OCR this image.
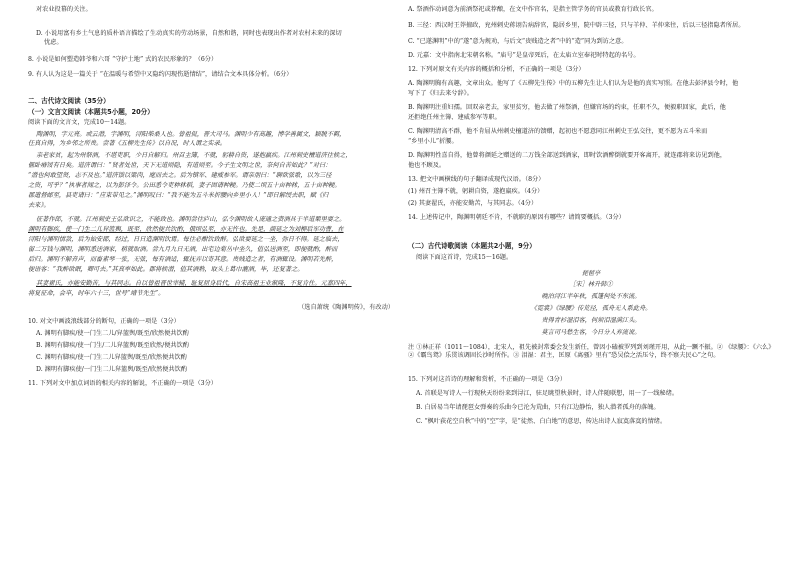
对农业投幕的关注。
D. 小说用富有乡土气息的质朴语言描绘了生动真实的劳动场景，自然和谐，同时也表现出作者对农村未来的深切
忧虑。
8. 小说是如何塑造韩爷和六哥 “守护土地” 式的农民形象的？（6分）
9. 有人认为这是一篇关于 “在温暖与希望中又隐约闪现伤逝情结”，请结合文本具体分析。（6分）
二、古代诗文阅读（35分）
（一）文言文阅读（本题共5小题，20分）
阅读下面的文言文，完成10～14题。
陶渊明，字元亮。或云潜，字渊明，浔阳柴桑人也。曾祖侃，晋大司马。渊明少有高趣，博学善属文，颖脱不羁，
任真自得，为乡邻之所贵。尝著《五柳先生传》以自况，时人谓之实录。
亲老家贫，起为州祭酒，不堪吏职，少日自解归。州召主簿，不就，躬耕自资，遂抱羸疾。江州刺史檀道济往候之，
偃卧瘠馁有日矣。道济谓曰：“贤者处世，天下无道则隐，有道则至。今子生文明之世，奈何自苦如此？”对曰：
“潜也何敢望贤，志不及也。”道济馈以粱肉，麾而去之。后为镇军、建威参军。谓亲朋曰：“聊欲弦歌，以为三径
之资，可乎？”执事者闻之，以为彭泽令。公田悉令吏种秫稻，妻子固请种粳。乃使二顷五十亩种秫，五十亩种粳。
郡遣督邮至，县吏请曰：“应束带见之。”渊明叹曰：“我不能为五斗米折腰向乡里小人！”即日解绶去职，赋《归
去来》。
征著作郎，不就。江州刺史王弘欲识之，不能致也。渊明尝往庐山，弘令渊明故人庞通之赍酒具于半道栗里要之。
渊明有脚疾，使一门生二儿舁篮舆，既至，欣然便共饮酌，俄顷弘至，亦无忤也。先是，颜延之为刘柳后军功曹，在
浔阳与渊明情款，后为始安郡，经过，日日造渊明饮焉。每往必酣饮致醉。弘欲要延之一坐，弥日不得。延之临去，
留二万钱与渊明，渊明悉送酒家，稍就取酒。尝九月九日无酒，出宅边菊丛中坐久，值弘送酒至，即便就酌，醉而
后归。渊明不解音声，而畜素琴一张，无弦，每有酒适，辄抚弄以寄其意。贵贱造之者，有酒辄设。渊明若先醉，
便语客：“我醉欲眠，卿可去。”其真率如此。郡将候潜，值其酒熟，取头上葛巾漉酒，毕，还复著之。
其妻翟氏，亦能安勤苦，与其同志。自以曾祖晋世宰辅，耻复屈身后代，自宋高祖王业渐隆，不复肯仕。元嘉四年，
将复征命，会卒，时年六十三，世号“靖节先生”。
（选自萧统《陶渊明传》，有改动）
10. 对文中画波浪线部分的断句，正确的一项是（3分）
A. 渊明有脚疾/使一门生二儿/舁篮舆/既至/欣然便共饮酌
B. 渊明有脚疾/使一门生/二儿舁篮舆/既至欣然/便共饮酌
C. 渊明有脚疾/使一门生二儿舁篮舆/既至/欣然便共饮酌
D. 渊明有脚疾使/一门生二儿舁篮舆/既至/欣然便共饮酌
11. 下列对文中加点词语的相关内容的解说，不正确的一项是（3分）
A. 祭酒作动词意为前酒祭祀或荐酿，在文中作官名，是指主管学务的官员或教育行政长官。
B. 三径：西汉时王莽擅政，兖州刺史蒋诩告病辞官，隐居乡里，院中辟三径，只与羊仲、羊仲来往，后以三径指隐者所居。
C. “已遂渊明”中的“遂”意为规劝，与后文“贵贱造之者”中的“造”同为到访之意。
D. 元嘉：文中指南北宋朝名称。“庙号”是皇帝死后，在太庙立室奉祀时特起的名号。
12. 下列对原文有关内容的概括和分析，不正确的一项是（3分）
A. 陶渊明胸有高趣，文章出众。他写了《五柳先生传》中的五柳先生让人们认为是他的真实写照。在他去彭泽县令时，他
写下了《归去来兮辞》。
B. 陶渊明注重妇孺。回双亲老去，家里贫穷，他去做了州祭酒，但嫌官场的约束，任职不久，便毅职回家，此后，他
还拒绝任州主簿、建威参军等职。
C. 陶渊明清高不群，他不肯屈从州刺史檀道济的馈赠，起初也不愿意同江州刺史王弘交往，更不愿为五斗米而
“乡里小儿”折腰。
D. 陶渊明性喜自得，他曾将颜延之赠送的二万钱全部送到酒家，即时饮酒醉倒就要开客离开，就连郡将来访见到他，
他也不顾及。
13. 把文中画横线的句子翻译成现代汉语。（8分）
(1) 州召主簿不就，躬耕自资，遂抱羸疾。（4分）
(2) 其妻翟氏，亦能安勤苦，与其同志。（4分）
14. 上述传记中，陶渊明朝廷不肯，不就职的原因有哪些？请简要概括。（3分）
（二）古代诗歌阅读（本题共2小题，9分）
阅读下面这首诗，完成15～16题。
琵琶亭
［宋］林升韩①
晚泊浔江半年秋，孤篷何处不东流。
《霓裳》《绿腰》传荒径，孤舟无人系此舟。
贵得青衫湿泪客，何须泪湿满江头。
莫言司马愁生客，今日分人弃流说。
注 ①林正祥（1011～1084），北宋人，祖先被封常委会发生新任，曾因小磕被罗列到刘瑾开用，从此一蹶不振。② 《绿腰》：《六么》②《霸鸟鸳》乐贯该调固长沙时所作。③ 泪湿：君主，匡原《离骚》里有“恐吴侩之活压兮，终不察夫民心”之句。
15. 下列对这首诗的理解和赏析，不正确的一项是（3分）
A. 首联是写诗人一行现秋天纷纷来到浔江，驻足眺望秋景时，诗人伴随联想，用一了一线秘绪。
B. 白居易当年请琵琶女弹奏的乐曲今已沦为荒曲，只有江边静怡，独人潜者孤舟的落魄。
C. “枫叶荻花空自秋”中的“空”字，是“徒然、白白地”的意思，传达出诗人寂寞落寞的情绪。
